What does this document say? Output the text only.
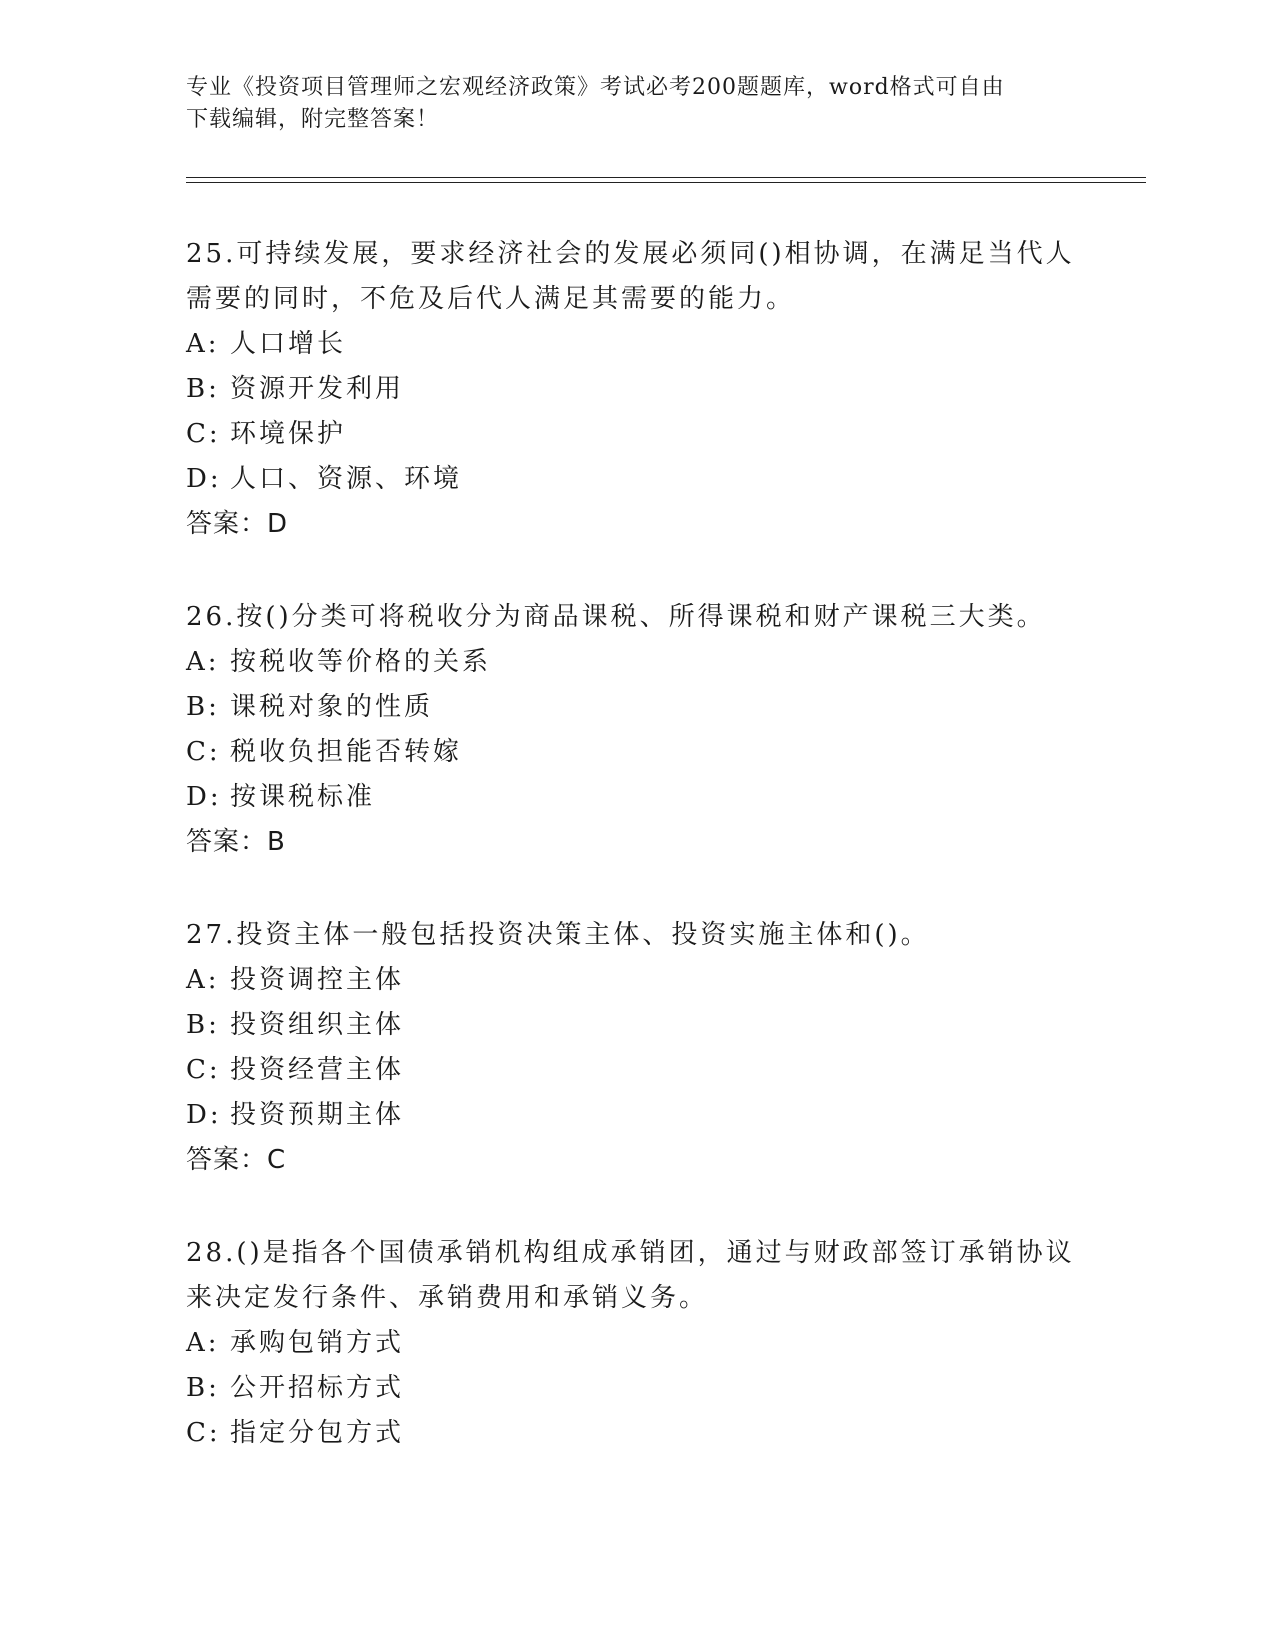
专业《投资项目管理师之宏观经济政策》考试必考200题题库，word格式可自由
下载编辑，附完整答案！
25.可持续发展，要求经济社会的发展必须同()相协调，在满足当代人
需要的同时，不危及后代人满足其需要的能力。
A: 人口增长
B: 资源开发利用
C: 环境保护
D: 人口、资源、环境
答案：D
26.按()分类可将税收分为商品课税、所得课税和财产课税三大类。
A: 按税收等价格的关系
B: 课税对象的性质
C: 税收负担能否转嫁
D: 按课税标准
答案：B
27.投资主体一般包括投资决策主体、投资实施主体和()。
A: 投资调控主体
B: 投资组织主体
C: 投资经营主体
D: 投资预期主体
答案：C
28.()是指各个国债承销机构组成承销团，通过与财政部签订承销协议
来决定发行条件、承销费用和承销义务。
A: 承购包销方式
B: 公开招标方式
C: 指定分包方式
